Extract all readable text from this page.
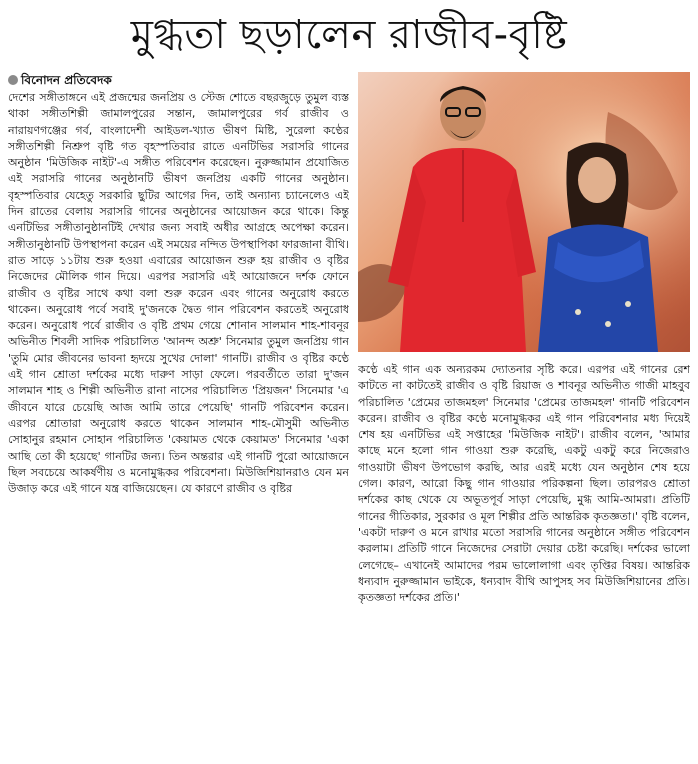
মুগ্ধতা ছড়ালেন রাজীব-বৃষ্টি
বিনোদন প্রতিবেদক

দেশের সঙ্গীতাঙ্গনে এই প্রজন্মের জনপ্রিয় ও স্টেজ শোতে বছরজুড়ে তুমুল ব্যস্ত থাকা সঙ্গীতশিল্পী জামালপুরের সন্তান, জামালপুরের গর্ব রাজীব ও নারায়ণগঞ্জের গর্ব, বাংলাদেশী আইডল-খ্যাত ভীষণ মিষ্টি, সুরেলা কণ্ঠের সঙ্গীতশিল্পী নিশ্রুপ বৃষ্টি গত বৃহস্পতিবার রাতে এনটিভির সরাসরি গানের অনুষ্ঠান 'মিউজিক নাইট'-এ সঙ্গীত পরিবেশন করেছেন। নুরুজ্জামান প্রযোজিত এই সরাসরি গানের অনুষ্ঠানটি ভীষণ জনপ্রিয় একটি গানের অনুষ্ঠান। বৃহস্পতিবার যেহেতু সরকারি ছুটির আগের দিন, তাই অন্যান্য চ্যানেলেও এই দিন রাতের বেলায় সরাসরি গানের অনুষ্ঠানের আয়োজন করে থাকে। কিন্তু এনটিভির সঙ্গীতানুষ্ঠানটিই দেখার জন্য সবাই অধীর আগ্রহে অপেক্ষা করেন। সঙ্গীতানুষ্ঠানটি উপস্থাপনা করেন এই সময়ের নন্দিত উপস্থাপিকা ফারজানা বীথি। রাত সাড়ে ১১টায় শুরু হওয়া এবারের আয়োজন শুরু হয় রাজীব ও বৃষ্টির নিজেদের মৌলিক গান দিয়ে। এরপর সরাসরি এই আয়োজনে দর্শক ফোনে রাজীব ও বৃষ্টির সাথে কথা বলা শুরু করেন এবং গানের অনুরোধ করতে থাকেন। অনুরোধ পর্বে সবাই দু'জনকে দ্বৈত গান পরিবেশন করতেই অনুরোধ করেন। অনুরোধ পর্বে রাজীব ও বৃষ্টি প্রথম গেয়ে শোনান সালমান শাহ-শাবনূর অভিনীত শিবলী সাদিক পরিচালিত 'আনন্দ অশ্রু' সিনেমার তুমুল জনপ্রিয় গান 'তুমি মোর জীবনের ভাবনা হৃদয়ে সুখের দোলা' গানটি। রাজীব ও বৃষ্টির কণ্ঠে এই গান শ্রোতা দর্শকের মধ্যে দারুণ সাড়া ফেলে। পরবর্তীতে তারা দু'জন সালমান শাহ ও শিল্পী অভিনীত রানা নাসের পরিচালিত 'প্রিয়জন' সিনেমার 'এ জীবনে যারে চেয়েছি আজ আমি তারে পেয়েছি' গানটি পরিবেশন করেন। এরপর শ্রোতারা অনুরোধ করতে থাকেন সালমান শাহ-মৌসুমী অভিনীত সোহানুর রহমান সোহান পরিচালিত 'কেয়ামত থেকে কেয়ামত' সিনেমার 'একা আছি তো কী হয়েছে' গানটির জন্য। তিন অন্তরার এই গানটি পুরো আয়োজনে ছিল সবচেয়ে আকর্ষণীয় ও মনোমুগ্ধকর পরিবেশনা। মিউজিশিয়ানরাও যেন মন উজাড় করে এই গানে যন্ত্র বাজিয়েছেন। যে কারণে রাজীব ও বৃষ্টির

কণ্ঠে এই গান এক অন্যরকম দ্যোতনার সৃষ্টি করে। এরপর এই গানের রেশ কাটতে না কাটতেই রাজীব ও বৃষ্টি রিয়াজ ও শাবনূর অভিনীত গাজী মাহবুব পরিচালিত 'প্রেমের তাজমহল' সিনেমার 'প্রেমের তাজমহল' গানটি পরিবেশন করেন। রাজীব ও বৃষ্টির কণ্ঠে মনোমুগ্ধকর এই গান পরিবেশনার মধ্য দিয়েই শেষ হয় এনটিভির এই সপ্তাহের 'মিউজিক নাইট'। রাজীব বলেন, 'আমার কাছে মনে হলো গান গাওয়া শুরু করেছি, একটু একটু করে নিজেরাও গাওয়াটা ভীষণ উপভোগ করছি, আর এরই মধ্যে যেন অনুষ্ঠান শেষ হয়ে গেল। কারণ, আরো কিছু গান গাওয়ার পরিকল্পনা ছিল। তারপরও শ্রোতা দর্শকের কাছ থেকে যে অভূতপূর্ব সাড়া পেয়েছি, মুগ্ধ আমি-আমরা। প্রতিটি গানের গীতিকার, সুরকার ও মূল শিল্পীর প্রতি আন্তরিক কৃতজ্ঞতা।' বৃষ্টি বলেন, 'একটা দারুণ ও মনে রাখার মতো সরাসরি গানের অনুষ্ঠানে সঙ্গীত পরিবেশন করলাম। প্রতিটি গানে নিজেদের সেরাটা দেয়ার চেষ্টা করেছি। দর্শকের ভালো লেগেছে– এখানেই আমাদের পরম ভালোলাগা এবং তৃপ্তির বিষয়। আন্তরিক ধন্যবাদ নুরুজ্জামান ভাইকে, ধন্যবাদ বীথি আপুসহ সব মিউজিশিয়ানের প্রতি। কৃতজ্ঞতা দর্শকের প্রতি।'
